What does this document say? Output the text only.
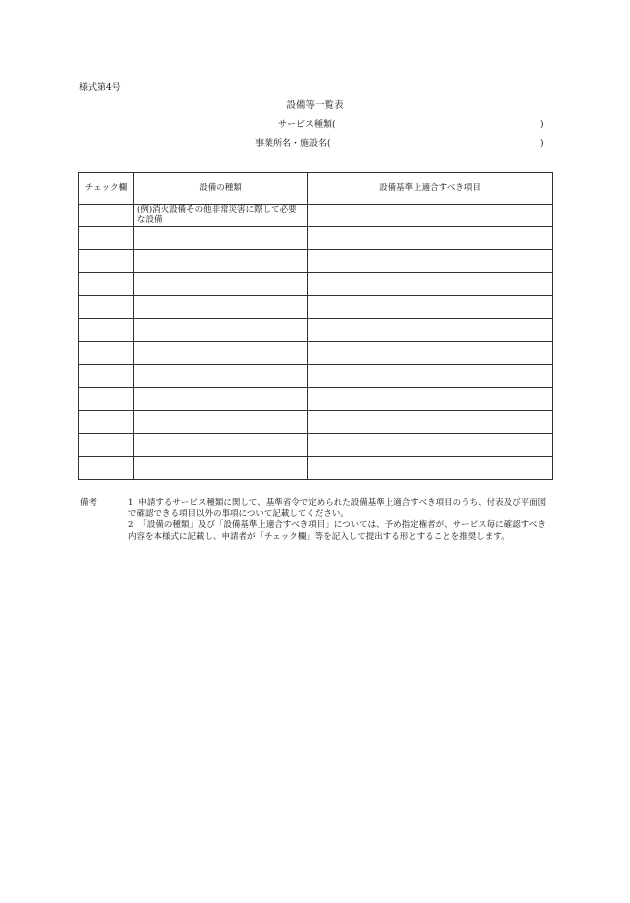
様式第4号
設備等一覧表
サービス種類(	)
事業所名・施設名(	)
チェック欄	設備の種類	設備基準上適合すべき項目

	(例)消火設備その他非常災害に際して必要な設備	

備考	1 申請するサービス種類に関して、基準省令で定められた設備基準上適合すべき項目のうち、付表及び平面図で確認できる項目以外の事項について記載してください。
2 「設備の種類」及び「設備基準上適合すべき項目」については、予め指定権者が、サービス毎に確認すべき内容を本様式に記載し、申請者が「チェック欄」等を記入して提出する形とすることを推奨します。
